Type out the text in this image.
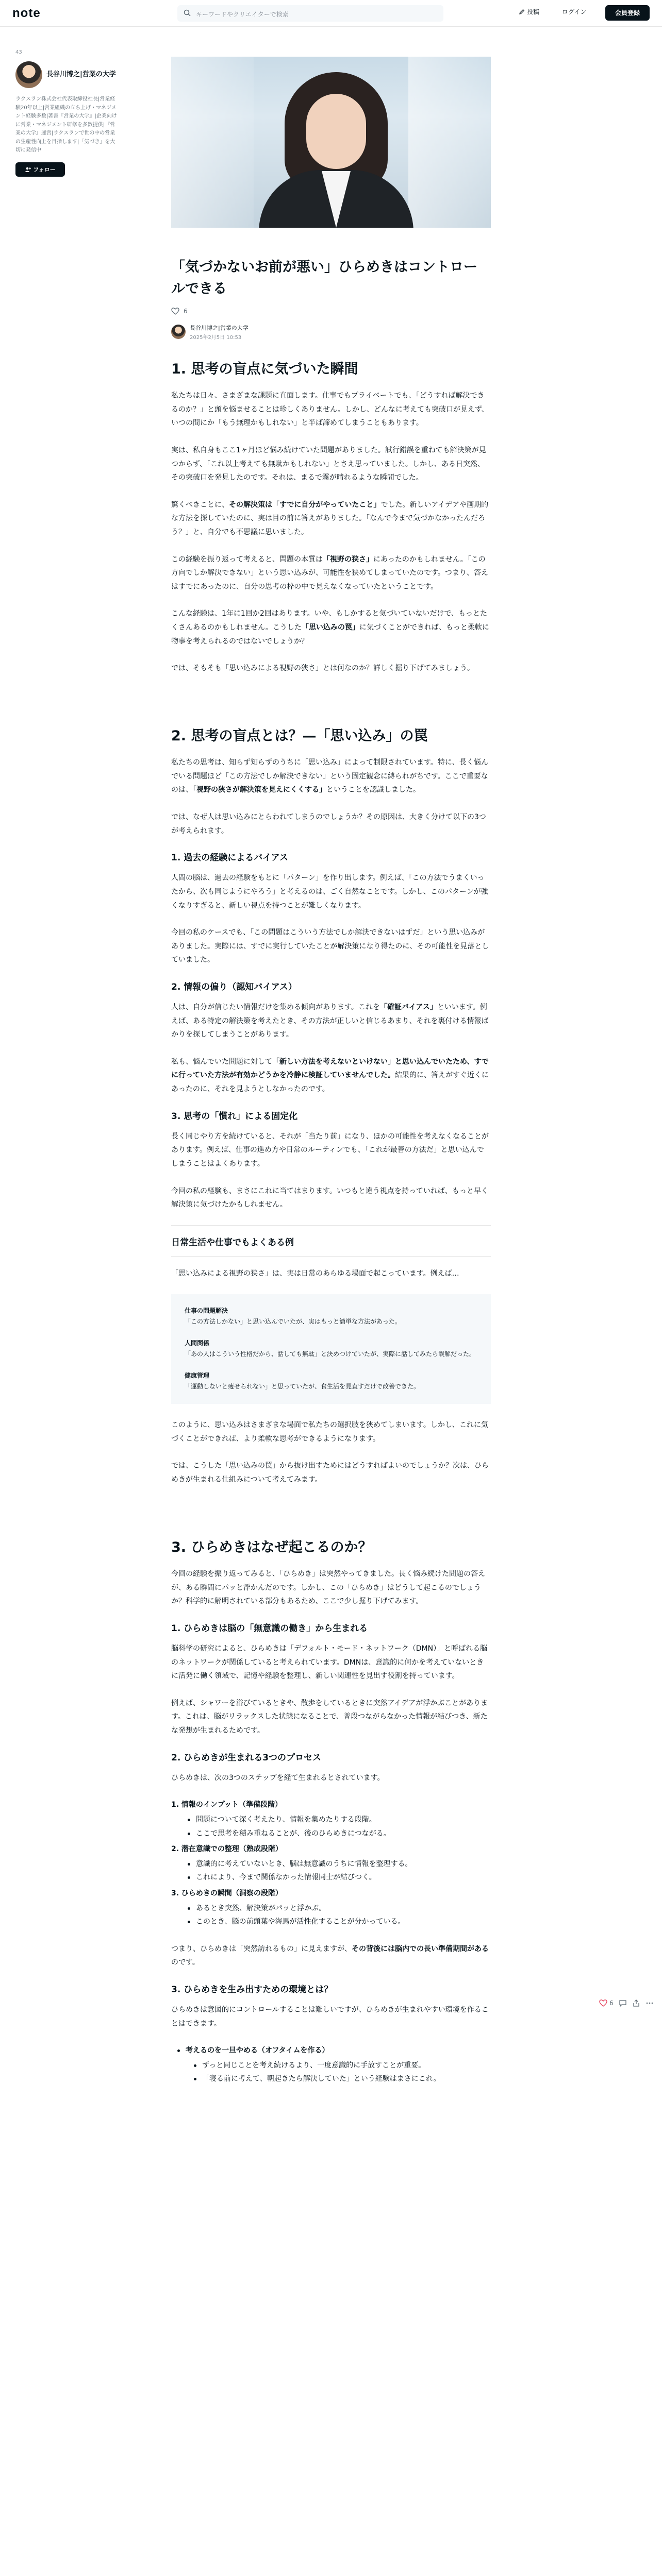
note	キーワードやクリエイターで検索	投稿	ログイン	会員登録
43
長谷川博之|営業の大学
ラクスラン株式会社代表取締役社長|営業経験20年以上|営業組織の立ち上げ・マネジメント経験多数|著書『営業の大学』|企業向けに営業・マネジメント研修を多数提供|『営業の大学』運営|ラクスランで世の中の営業の生産性向上を目指します|「気づき」を大切に発信中
フォロー
「気づかないお前が悪い」ひらめきはコントロールできる
6
長谷川博之|営業の大学
2025年2月5日 10:53
1. 思考の盲点に気づいた瞬間

私たちは日々、さまざまな課題に直面します。仕事でもプライベートでも、「どうすれば解決できるのか？」と頭を悩ませることは珍しくありません。しかし、どんなに考えても突破口が見えず、いつの間にか「もう無理かもしれない」と半ば諦めてしまうこともあります。

実は、私自身もここ1ヶ月ほど悩み続けていた問題がありました。試行錯誤を重ねても解決策が見つからず、「これ以上考えても無駄かもしれない」とさえ思っていました。しかし、ある日突然、その突破口を発見したのです。それは、まるで霧が晴れるような瞬間でした。

驚くべきことに、その解決策は「すでに自分がやっていたこと」でした。新しいアイデアや画期的な方法を探していたのに、実は目の前に答えがありました。「なんで今まで気づかなかったんだろう？」と、自分でも不思議に思いました。

この経験を振り返って考えると、問題の本質は「視野の狭さ」にあったのかもしれません。「この方向でしか解決できない」という思い込みが、可能性を狭めてしまっていたのです。つまり、答えはすでにあったのに、自分の思考の枠の中で見えなくなっていたということです。

こんな経験は、1年に1回か2回はあります。いや、もしかすると気づいていないだけで、もっとたくさんあるのかもしれません。こうした「思い込みの罠」に気づくことができれば、もっと柔軟に物事を考えられるのではないでしょうか？

では、そもそも「思い込みによる視野の狭さ」とは何なのか？詳しく掘り下げてみましょう。

2. 思考の盲点とは？—「思い込み」の罠

私たちの思考は、知らず知らずのうちに「思い込み」によって制限されています。特に、長く悩んでいる問題ほど「この方法でしか解決できない」という固定観念に縛られがちです。ここで重要なのは、「視野の狭さが解決策を見えにくくする」ということを認識しました。

では、なぜ人は思い込みにとらわれてしまうのでしょうか？その原因は、大きく分けて以下の3つが考えられます。

1. 過去の経験によるバイアス

人間の脳は、過去の経験をもとに「パターン」を作り出します。例えば、「この方法でうまくいったから、次も同じようにやろう」と考えるのは、ごく自然なことです。しかし、このパターンが強くなりすぎると、新しい視点を持つことが難しくなります。

今回の私のケースでも、「この問題はこういう方法でしか解決できないはずだ」という思い込みがありました。実際には、すでに実行していたことが解決策になり得たのに、その可能性を見落としていました。

2. 情報の偏り（認知バイアス）

人は、自分が信じたい情報だけを集める傾向があります。これを「確証バイアス」といいます。例えば、ある特定の解決策を考えたとき、その方法が正しいと信じるあまり、それを裏付ける情報ばかりを探してしまうことがあります。

私も、悩んでいた問題に対して「新しい方法を考えないといけない」と思い込んでいたため、すでに行っていた方法が有効かどうかを冷静に検証していませんでした。結果的に、答えがすぐ近くにあったのに、それを見ようとしなかったのです。

3. 思考の「慣れ」による固定化

長く同じやり方を続けていると、それが「当たり前」になり、ほかの可能性を考えなくなることがあります。例えば、仕事の進め方や日常のルーティンでも、「これが最善の方法だ」と思い込んでしまうことはよくあります。

今回の私の経験も、まさにこれに当てはまります。いつもと違う視点を持っていれば、もっと早く解決策に気づけたかもしれません。

日常生活や仕事でもよくある例

「思い込みによる視野の狭さ」は、実は日常のあらゆる場面で起こっています。例えば…

仕事の問題解決
「この方法しかない」と思い込んでいたが、実はもっと簡単な方法があった。
人間関係
「あの人はこういう性格だから、話しても無駄」と決めつけていたが、実際に話してみたら誤解だった。
健康管理
「運動しないと痩せられない」と思っていたが、食生活を見直すだけで改善できた。

このように、思い込みはさまざまな場面で私たちの選択肢を狭めてしまいます。しかし、これに気づくことができれば、より柔軟な思考ができるようになります。

では、こうした「思い込みの罠」から抜け出すためにはどうすればよいのでしょうか？次は、ひらめきが生まれる仕組みについて考えてみます。

3. ひらめきはなぜ起こるのか？

今回の経験を振り返ってみると、「ひらめき」は突然やってきました。長く悩み続けた問題の答えが、ある瞬間にパッと浮かんだのです。しかし、この「ひらめき」はどうして起こるのでしょうか？科学的に解明されている部分もあるため、ここで少し掘り下げてみます。

1. ひらめきは脳の「無意識の働き」から生まれる

脳科学の研究によると、ひらめきは「デフォルト・モード・ネットワーク（DMN）」と呼ばれる脳のネットワークが関係していると考えられています。DMNは、意識的に何かを考えていないときに活発に働く領域で、記憶や経験を整理し、新しい関連性を見出す役割を持っています。

例えば、シャワーを浴びているときや、散歩をしているときに突然アイデアが浮かぶことがあります。これは、脳がリラックスした状態になることで、普段つながらなかった情報が結びつき、新たな発想が生まれるためです。

2. ひらめきが生まれる3つのプロセス

ひらめきは、次の3つのステップを経て生まれるとされています。

1. 情報のインプット（準備段階）
問題について深く考えたり、情報を集めたりする段階。
ここで思考を積み重ねることが、後のひらめきにつながる。
2. 潜在意識での整理（熟成段階）
意識的に考えていないとき、脳は無意識のうちに情報を整理する。
これにより、今まで関係なかった情報同士が結びつく。
3. ひらめきの瞬間（洞察の段階）
あるとき突然、解決策がパッと浮かぶ。
このとき、脳の前頭葉や海馬が活性化することが分かっている。

つまり、ひらめきは「突然訪れるもの」に見えますが、その背後には脳内での長い準備期間があるのです。

3. ひらめきを生み出すための環境とは？

ひらめきは意図的にコントロールすることは難しいですが、ひらめきが生まれやすい環境を作ることはできます。

考えるのを一旦やめる（オフタイムを作る）
ずっと同じことを考え続けるより、一度意識的に手放すことが重要。
「寝る前に考えて、朝起きたら解決していた」という経験はまさにこれ。
6
